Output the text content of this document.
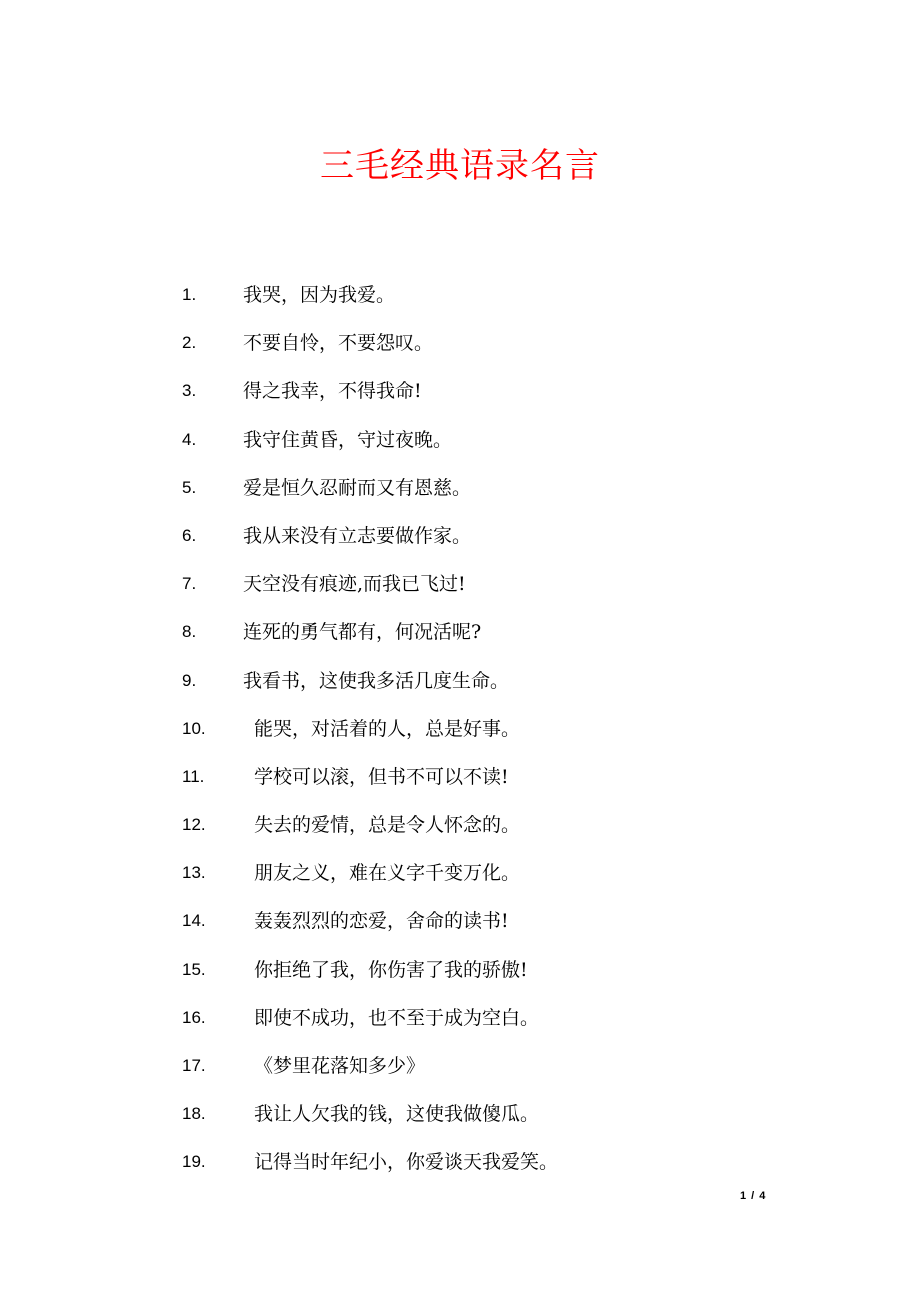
三毛经典语录名言
1. 我哭，因为我爱。
2. 不要自怜，不要怨叹。
3. 得之我幸，不得我命!
4. 我守住黄昏，守过夜晚。
5. 爱是恒久忍耐而又有恩慈。
6. 我从来没有立志要做作家。
7. 天空没有痕迹,而我已飞过!
8. 连死的勇气都有，何况活呢?
9. 我看书，这使我多活几度生命。
10.	能哭，对活着的人，总是好事。
11.	学校可以滚，但书不可以不读!
12.	失去的爱情，总是令人怀念的。
13.	朋友之义，难在义字千变万化。
14.	轰轰烈烈的恋爱，舍命的读书!
15.	你拒绝了我，你伤害了我的骄傲!
16.	即使不成功，也不至于成为空白。
17.	《梦里花落知多少》
18.	我让人欠我的钱，这使我做傻瓜。
19.	记得当时年纪小，你爱谈天我爱笑。
1 / 4
